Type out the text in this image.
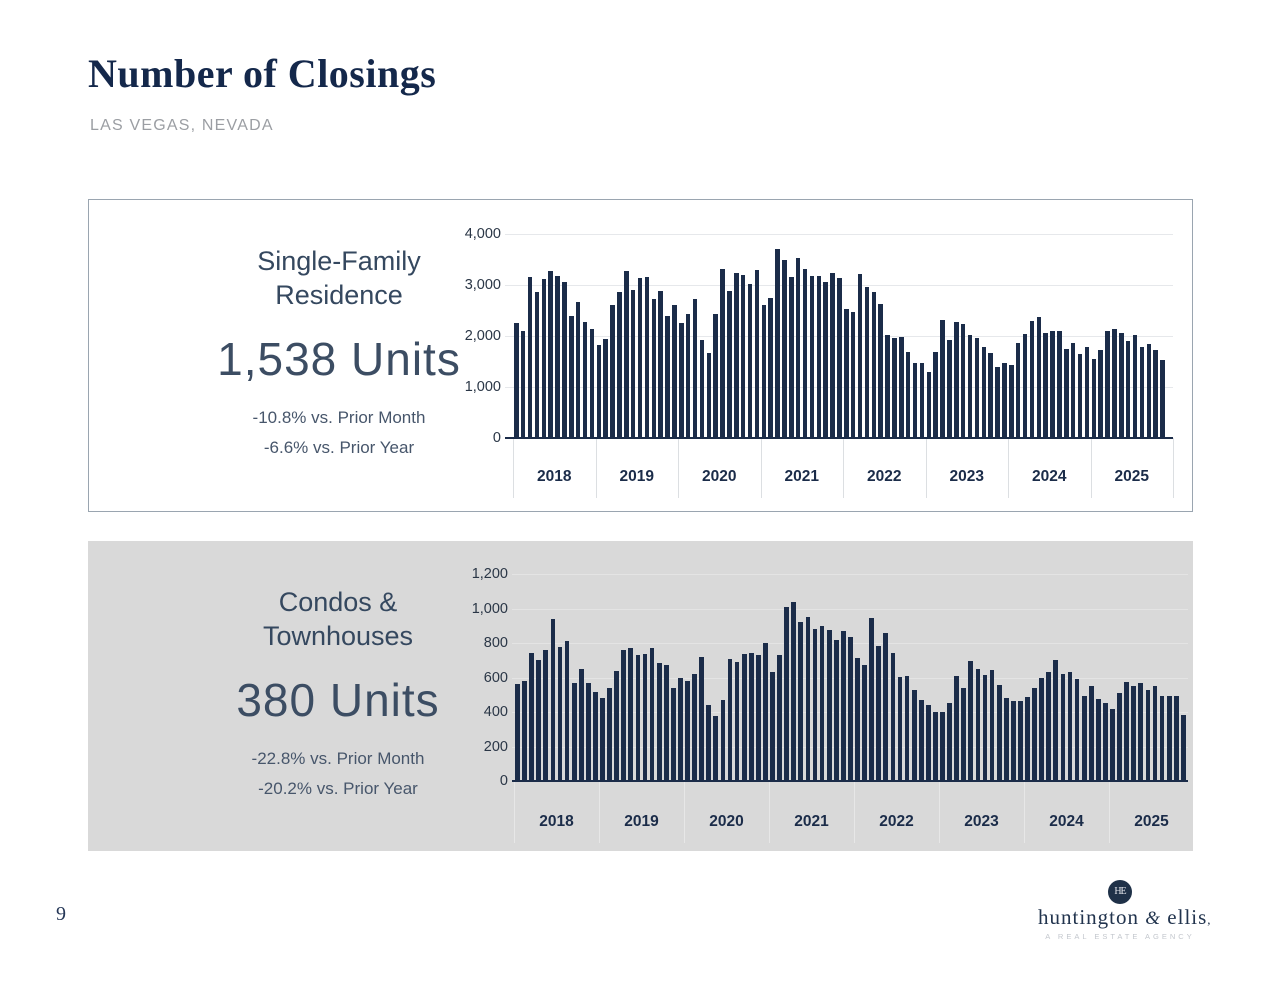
Number of Closings
LAS VEGAS, NEVADA
Single-Family
Residence
1,538 Units
-10.8% vs. Prior Month
-6.6% vs. Prior Year	0
1,000
2,000
3,000
4,000
2018	2019	2020	2021	2022	2023	2024	2025
Condos &
Townhouses
380 Units
-22.8% vs. Prior Month
-20.2% vs. Prior Year	0
200
400
600
800
1,000
1,200
2018	2019	2020	2021	2022	2023	2024	2025
9
HE
huntington & ellis,
A REAL ESTATE AGENCY
